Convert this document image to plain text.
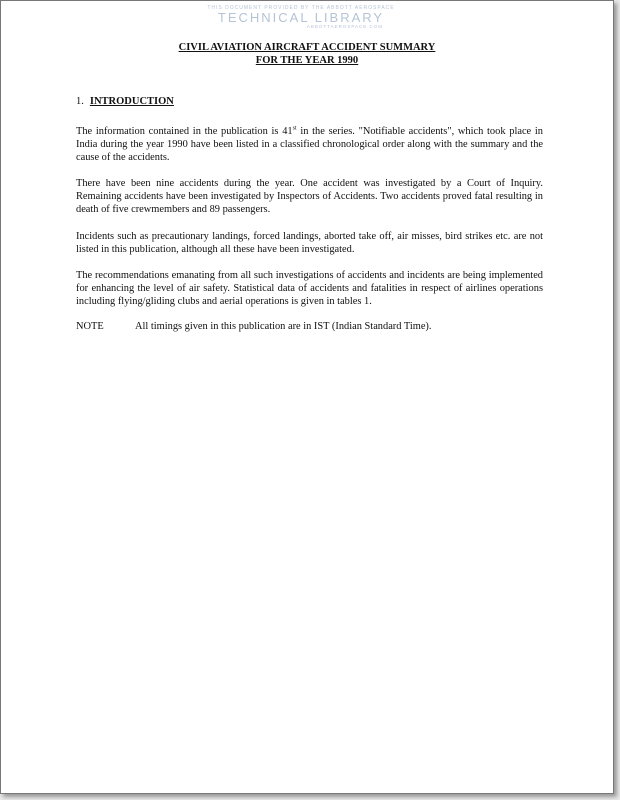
THIS DOCUMENT PROVIDED BY THE ABBOTT AEROSPACE
TECHNICAL LIBRARY
ABBOTTAEROSPACE.COM
CIVIL AVIATION AIRCRAFT ACCIDENT SUMMARY
FOR THE YEAR 1990
1. INTRODUCTION
The information contained in the publication is 41st in the series. "Notifiable accidents", which took place in India during the year 1990 have been listed in a classified chronological order along with the summary and the cause of the accidents.
There have been nine accidents during the year. One accident was investigated by a Court of Inquiry. Remaining accidents have been investigated by Inspectors of Accidents. Two accidents proved fatal resulting in death of five crewmembers and 89 passengers.
Incidents such as precautionary landings, forced landings, aborted take off, air misses, bird strikes etc. are not listed in this publication, although all these have been investigated.
The recommendations emanating from all such investigations of accidents and incidents are being implemented for enhancing the level of air safety. Statistical data of accidents and fatalities in respect of airlines operations including flying/gliding clubs and aerial operations is given in tables 1.
NOTE	All timings given in this publication are in IST (Indian Standard Time).
